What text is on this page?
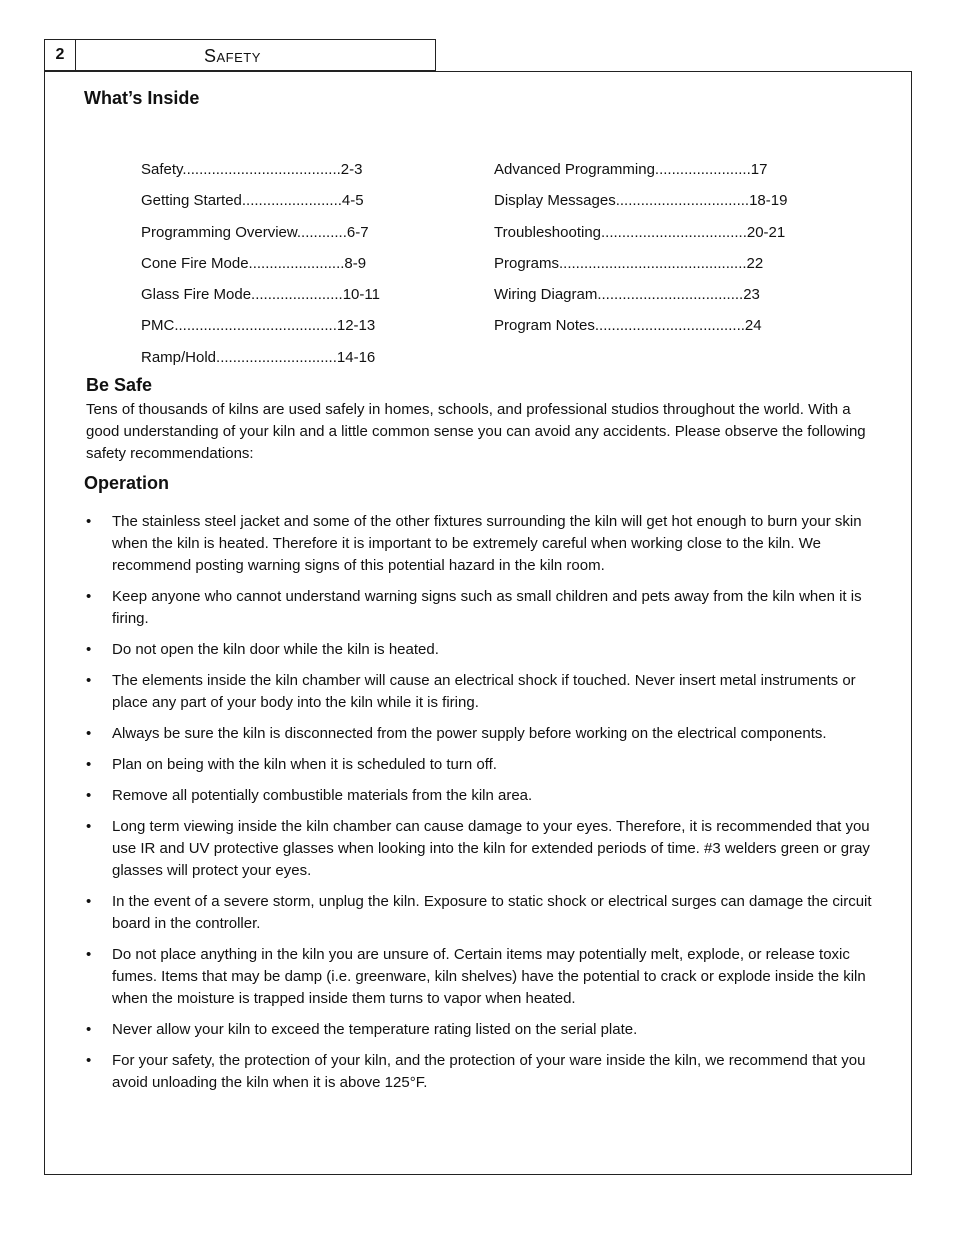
2	Safety
What’s Inside
Safety......................................2-3
Getting Started........................4-5
Programming Overview............6-7
Cone Fire Mode.......................8-9
Glass Fire Mode......................10-11
PMC.......................................12-13
Ramp/Hold.............................14-16
Advanced Programming.......................17
Display Messages................................18-19
Troubleshooting...................................20-21
Programs.............................................22
Wiring Diagram...................................23
Program Notes....................................24
Be Safe

Tens of thousands of kilns are used safely in homes, schools, and professional studios throughout the world. With a good understanding of your kiln and a little common sense you can avoid any accidents. Please observe the following safety recommendations:

Operation
• The stainless steel jacket and some of the other fixtures surrounding the kiln will get hot enough to burn your skin when the kiln is heated. Therefore it is important to be extremely careful when working close to the kiln. We recommend posting warning signs of this potential hazard in the kiln room.
• Keep anyone who cannot understand warning signs such as small children and pets away from the kiln when it is firing.
• Do not open the kiln door while the kiln is heated.
• The elements inside the kiln chamber will cause an electrical shock if touched. Never insert metal instruments or place any part of your body into the kiln while it is firing.
• Always be sure the kiln is disconnected from the power supply before working on the electrical components.
• Plan on being with the kiln when it is scheduled to turn off.
• Remove all potentially combustible materials from the kiln area.
• Long term viewing inside the kiln chamber can cause damage to your eyes. Therefore, it is recommended that you use IR and UV protective glasses when looking into the kiln for extended periods of time. #3 welders green or gray glasses will protect your eyes.
• In the event of a severe storm, unplug the kiln. Exposure to static shock or electrical surges can damage the circuit board in the controller.
• Do not place anything in the kiln you are unsure of. Certain items may potentially melt, explode, or release toxic fumes. Items that may be damp (i.e. greenware, kiln shelves) have the potential to crack or explode inside the kiln when the moisture is trapped inside them turns to vapor when heated.
• Never allow your kiln to exceed the temperature rating listed on the serial plate.
• For your safety, the protection of your kiln, and the protection of your ware inside the kiln, we recommend that you avoid unloading the kiln when it is above 125°F.
